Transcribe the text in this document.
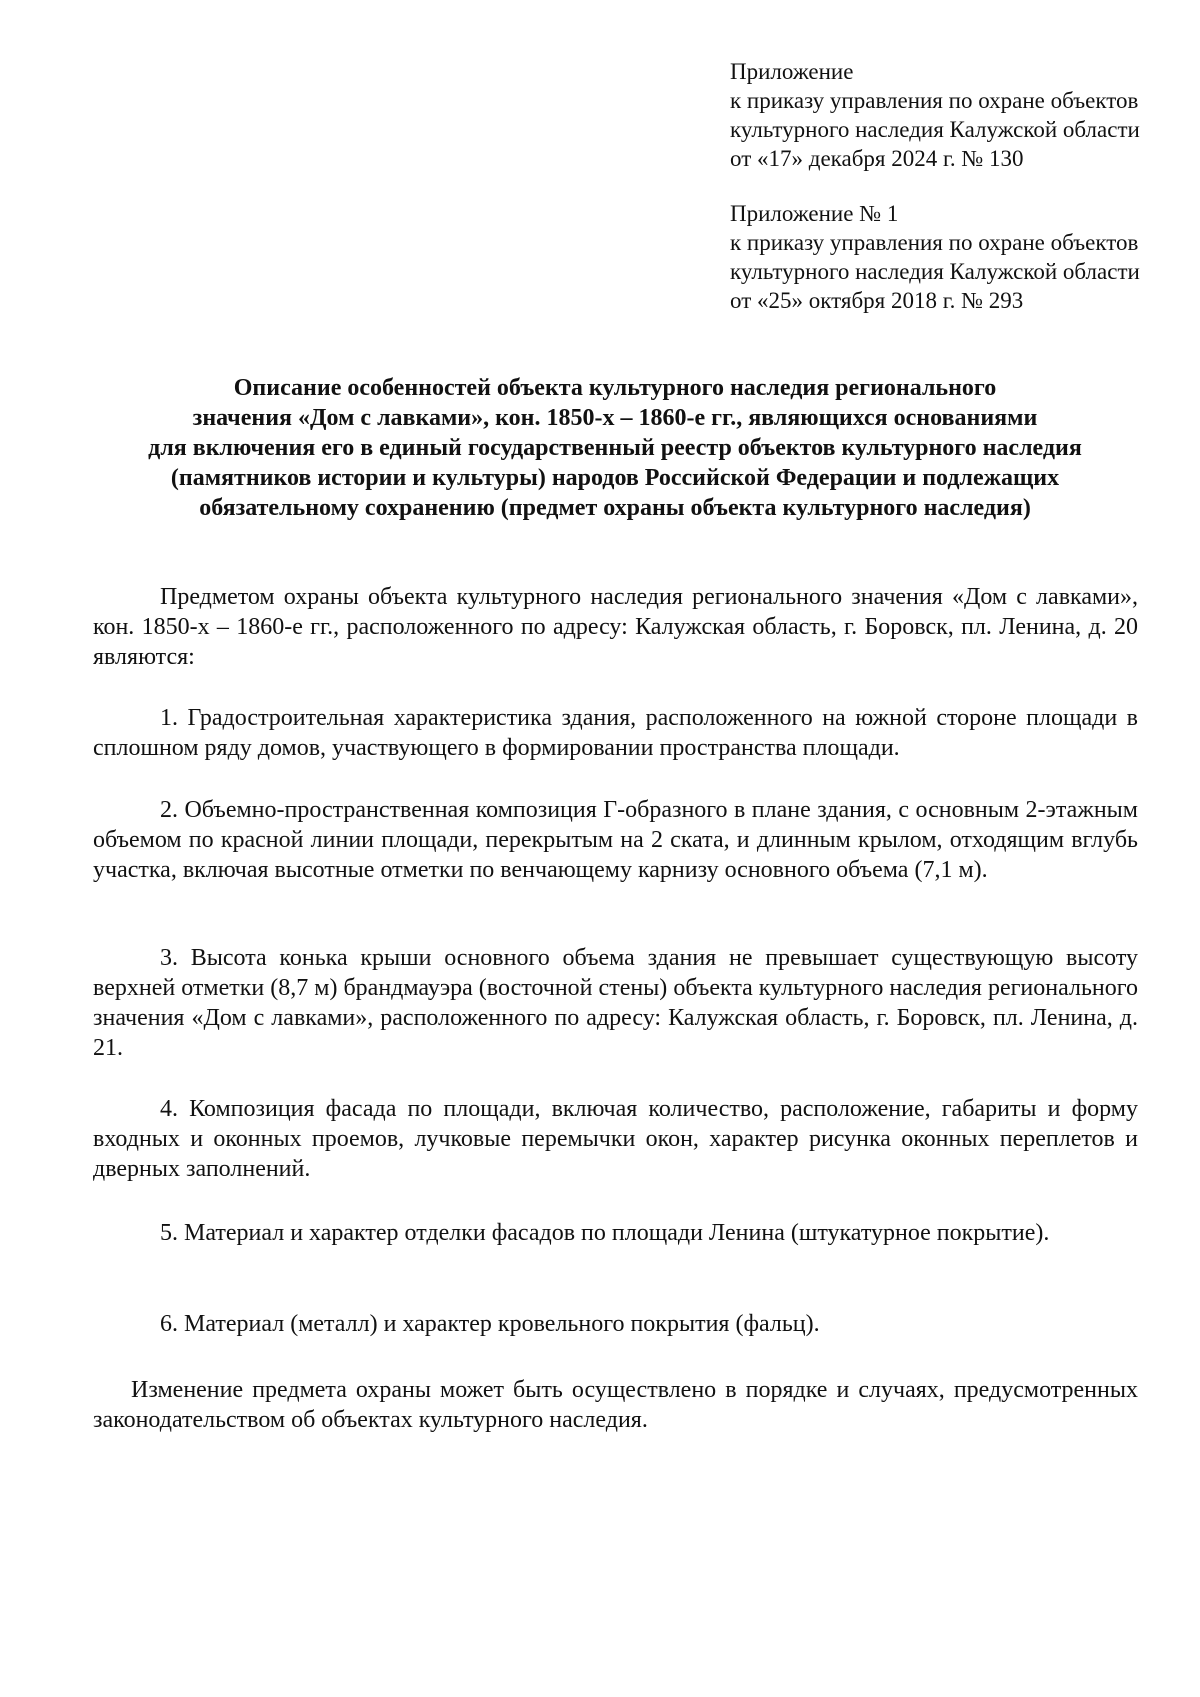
Приложение
к приказу управления по охране объектов
культурного наследия Калужской области
от «17» декабря 2024 г. № 130
Приложение № 1
к приказу управления по охране объектов
культурного наследия Калужской области
от «25» октября 2018 г. № 293
Описание особенностей объекта культурного наследия регионального
значения «Дом с лавками», кон. 1850-х – 1860-е гг., являющихся основаниями
для включения его в единый государственный реестр объектов культурного наследия
(памятников истории и культуры) народов Российской Федерации и подлежащих
обязательному сохранению (предмет охраны объекта культурного наследия)

Предметом охраны объекта культурного наследия регионального значения «Дом с лавками», кон. 1850-х – 1860-е гг., расположенного по адресу: Калужская область, г. Боровск, пл. Ленина, д. 20 являются:

1. Градостроительная характеристика здания, расположенного на южной стороне площади в сплошном ряду домов, участвующего в формировании пространства площади.

2. Объемно-пространственная композиция Г-образного в плане здания, с основным 2-этажным объемом по красной линии площади, перекрытым на 2 ската, и длинным крылом, отходящим вглубь участка, включая высотные отметки по венчающему карнизу основного объема (7,1 м).

3. Высота конька крыши основного объема здания не превышает существующую высоту верхней отметки (8,7 м) брандмауэра (восточной стены) объекта культурного наследия регионального значения «Дом с лавками», расположенного по адресу: Калужская область, г. Боровск, пл. Ленина, д. 21.

4. Композиция фасада по площади, включая количество, расположение, габариты и форму входных и оконных проемов, лучковые перемычки окон, характер рисунка оконных переплетов и дверных заполнений.

5. Материал и характер отделки фасадов по площади Ленина (штукатурное покрытие).

6. Материал (металл) и характер кровельного покрытия (фальц).

Изменение предмета охраны может быть осуществлено в порядке и случаях, предусмотренных законодательством об объектах культурного наследия.
